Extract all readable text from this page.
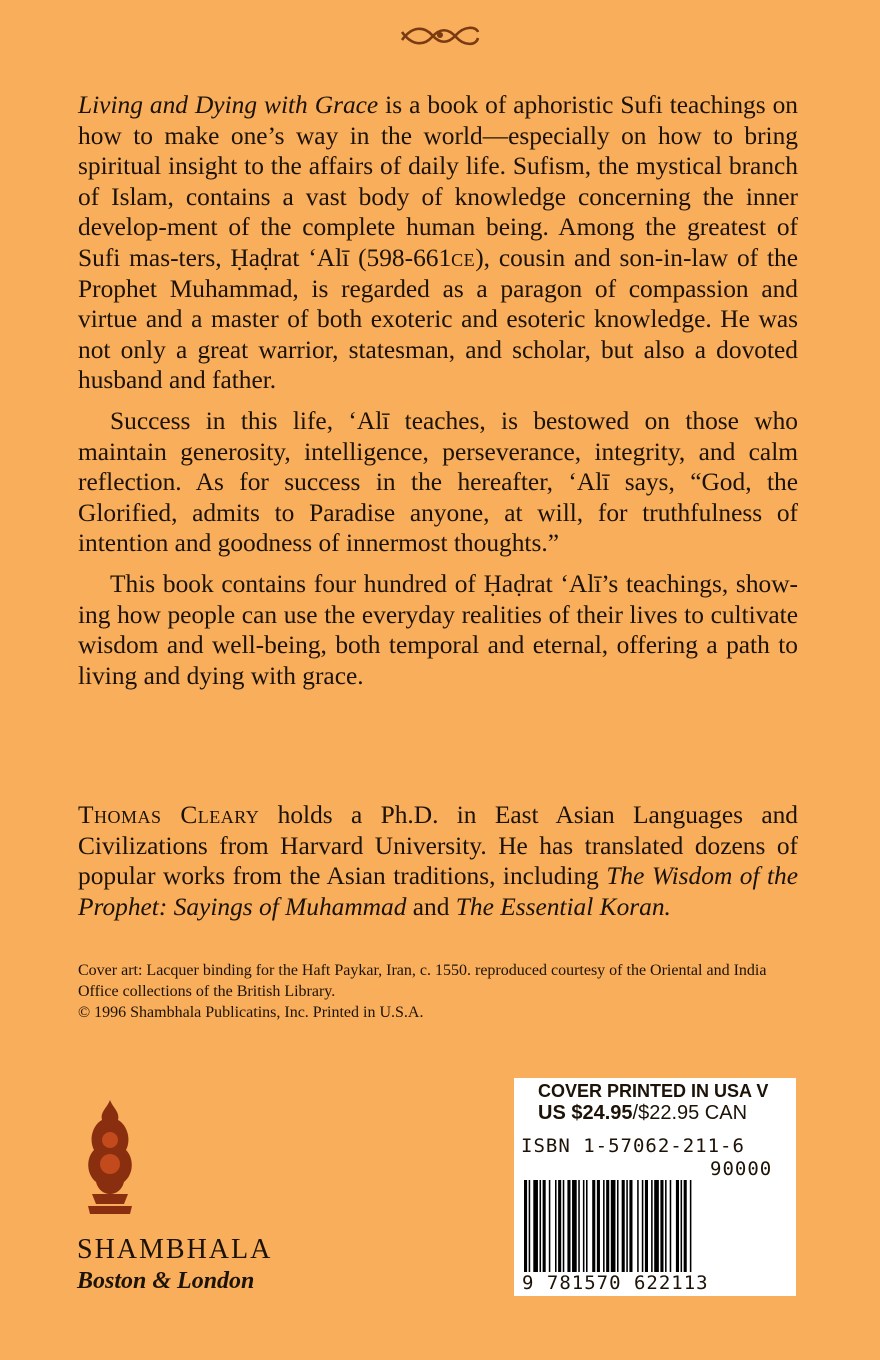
Living and Dying with Grace is a book of aphoristic Sufi teachings on how to make one’s way in the world—especially on how to bring spiritual insight to the affairs of daily life. Sufism, the mystical branch of Islam, contains a vast body of knowledge concerning the inner develop-ment of the complete human being. Among the greatest of Sufi mas-ters, Ḥaḍrat ‘Alī (598-661ce), cousin and son-in-law of the Prophet Muhammad, is regarded as a paragon of compassion and virtue and a master of both exoteric and esoteric knowledge. He was not only a great warrior, statesman, and scholar, but also a dovoted husband and father.

Success in this life, ‘Alī teaches, is bestowed on those who maintain generosity, intelligence, perseverance, integrity, and calm reflection. As for success in the hereafter, ‘Alī says, “God, the Glorified, admits to Paradise anyone, at will, for truthfulness of intention and goodness of innermost thoughts.”

This book contains four hundred of Ḥaḍrat ‘Alī’s teachings, show-ing how people can use the everyday realities of their lives to cultivate wisdom and well-being, both temporal and eternal, offering a path to living and dying with grace.

Thomas Cleary holds a Ph.D. in East Asian Languages and Civilizations from Harvard University. He has translated dozens of popular works from the Asian traditions, including The Wisdom of the Prophet: Sayings of Muhammad and The Essential Koran.

Cover art: Lacquer binding for the Haft Paykar, Iran, c. 1550. reproduced courtesy of the Oriental and India Office collections of the British Library.

© 1996 Shambhala Publicatins, Inc. Printed in U.S.A.

SHAMBHALA
Boston & London
COVER PRINTED IN USA V
US $24.95/$22.95 CAN
ISBN 1-57062-211-6
90000
9 781570 622113
